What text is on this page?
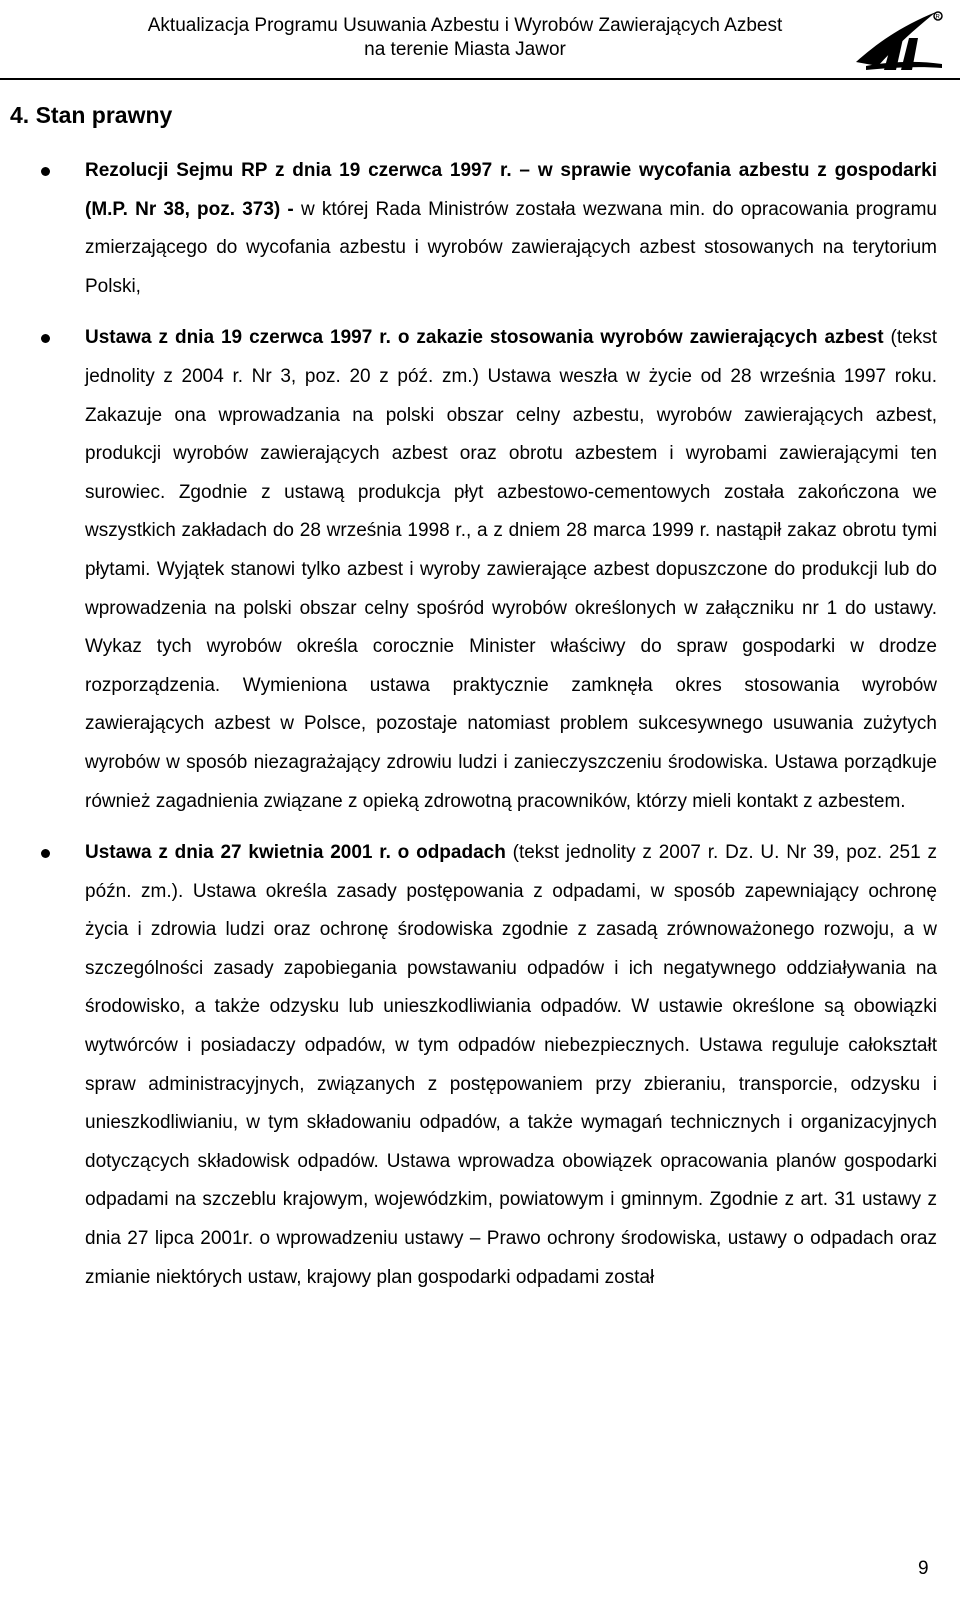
Aktualizacja Programu Usuwania Azbestu i Wyrobów Zawierających Azbest
na terenie Miasta Jawor
R
4. Stan prawny
Rezolucji Sejmu RP z dnia 19 czerwca 1997 r. – w sprawie wycofania azbestu z gospodarki (M.P. Nr 38, poz. 373) - w której Rada Ministrów została wezwana min. do opracowania programu zmierzającego do wycofania azbestu i wyrobów zawierających azbest stosowanych na terytorium Polski,
Ustawa z dnia 19 czerwca 1997 r. o zakazie stosowania wyrobów zawierających azbest (tekst jednolity z 2004 r. Nr 3, poz. 20 z póź. zm.) Ustawa weszła w życie od 28 września 1997 roku. Zakazuje ona wprowadzania na polski obszar celny azbestu, wyrobów zawierających azbest, produkcji wyrobów zawierających azbest oraz obrotu azbestem i wyrobami zawierającymi ten surowiec. Zgodnie z ustawą produkcja płyt azbestowo-cementowych została zakończona we wszystkich zakładach do 28 września 1998 r., a z dniem 28 marca 1999 r. nastąpił zakaz obrotu tymi płytami. Wyjątek stanowi tylko azbest i wyroby zawierające azbest dopuszczone do produkcji lub do wprowadzenia na polski obszar celny spośród wyrobów określonych w załączniku nr 1 do ustawy. Wykaz tych wyrobów określa corocznie Minister właściwy do spraw gospodarki w drodze rozporządzenia. Wymieniona ustawa praktycznie zamknęła okres stosowania wyrobów zawierających azbest w Polsce, pozostaje natomiast problem sukcesywnego usuwania zużytych wyrobów w sposób niezagrażający zdrowiu ludzi i zanieczyszczeniu środowiska. Ustawa porządkuje również zagadnienia związane z opieką zdrowotną pracowników, którzy mieli kontakt z azbestem.
Ustawa z dnia 27 kwietnia 2001 r. o odpadach (tekst jednolity z 2007 r. Dz. U. Nr 39, poz. 251 z późn. zm.). Ustawa określa zasady postępowania z odpadami, w sposób zapewniający ochronę życia i zdrowia ludzi oraz ochronę środowiska zgodnie z zasadą zrównoważonego rozwoju, a w szczególności zasady zapobiegania powstawaniu odpadów i ich negatywnego oddziaływania na środowisko, a także odzysku lub unieszkodliwiania odpadów. W ustawie określone są obowiązki wytwórców i posiadaczy odpadów, w tym odpadów niebezpiecznych. Ustawa reguluje całokształt spraw administracyjnych, związanych z postępowaniem przy zbieraniu, transporcie, odzysku i unieszkodliwianiu, w tym składowaniu odpadów, a także wymagań technicznych i organizacyjnych dotyczących składowisk odpadów. Ustawa wprowadza obowiązek opracowania planów gospodarki odpadami na szczeblu krajowym, wojewódzkim, powiatowym i gminnym. Zgodnie z art. 31 ustawy z dnia 27 lipca 2001r. o wprowadzeniu ustawy – Prawo ochrony środowiska, ustawy o odpadach oraz zmianie niektórych ustaw, krajowy plan gospodarki odpadami został
9
